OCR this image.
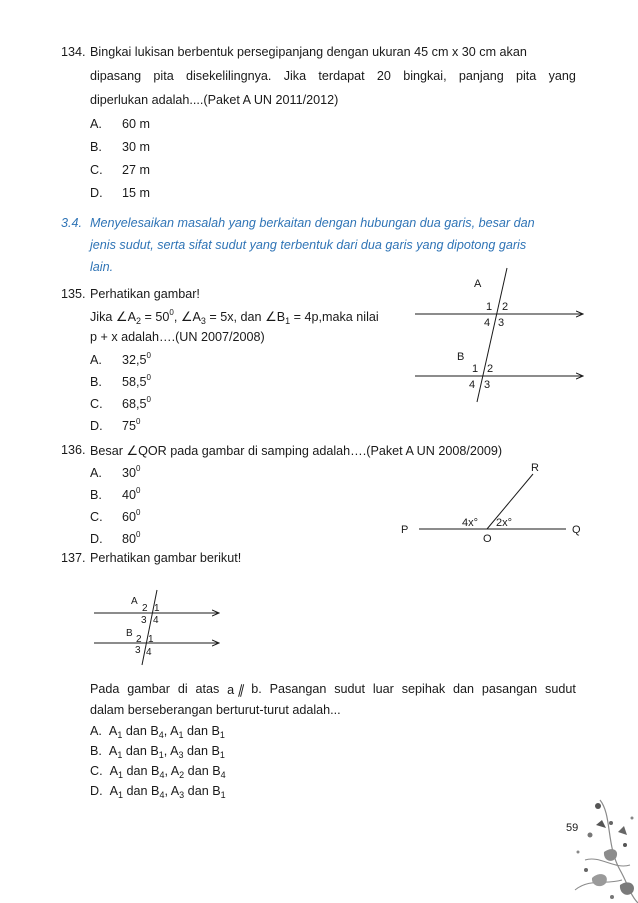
134. Bingkai lukisan berbentuk persegipanjang dengan ukuran 45 cm x 30 cm akan
dipasang pita disekelilingnya. Jika terdapat 20 bingkai, panjang pita yang
diperlukan adalah....(Paket A UN 2011/2012)
A. 60 m
B. 30 m
C. 27 m
D. 15 m
3.4. Menyelesaikan masalah yang berkaitan dengan hubungan dua garis, besar dan
jenis sudut, serta sifat sudut yang terbentuk dari dua garis yang dipotong garis
lain.
135. Perhatikan gambar!
Jika $\angle A_2 = 50^0$, $\angle A_3 = 5x$, dan $\angle B_1$ = 4p,maka nilai
p + x adalah….(UN 2007/2008)
A. 32,5$^0$
B. 58,5$^0$
C. 68,5$^0$
D. $75^0$
A
1 2
4 3
B
1 2
4 3
R
P	Q
O
4x° 2x°
A
2 1
3 4
B
2 1
3 4
136. Besar ∠QOR pada gambar di samping adalah….(Paket A UN 2008/2009)
A. $30^0$
B. $40^0$
C. $60^0$
D. $80^0$
137. Perhatikan gambar berikut!
Pada gambar di atas a ∥ b. Pasangan sudut luar sepihak dan pasangan sudut
dalam berseberangan berturut-turut adalah...
A. $A_1$ dan $B_4$, $A_1$ dan $B_1$
B. $A_1$ dan $B_1$, $A_3$ dan $B_1$
C. $A_1$ dan $B_4$, $A_2$ dan $B_4$
D. $A_1$ dan $B_4$, $A_3$ dan $B_1$
59
